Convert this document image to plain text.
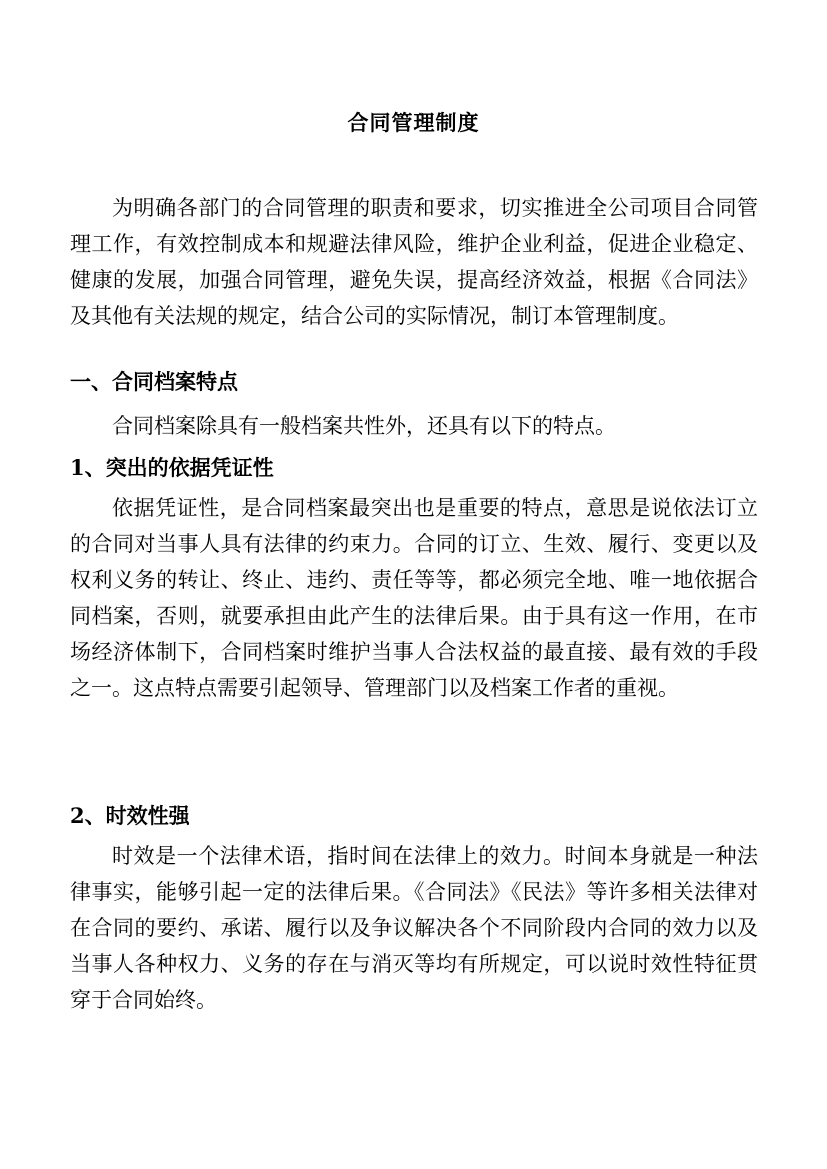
合同管理制度

为明确各部门的合同管理的职责和要求，切实推进全公司项目合同管理工作，有效控制成本和规避法律风险，维护企业利益，促进企业稳定、健康的发展，加强合同管理，避免失误，提高经济效益，根据《合同法》及其他有关法规的规定，结合公司的实际情况，制订本管理制度。

一、合同档案特点

合同档案除具有一般档案共性外，还具有以下的特点。

1、突出的依据凭证性

依据凭证性，是合同档案最突出也是重要的特点，意思是说依法订立的合同对当事人具有法律的约束力。合同的订立、生效、履行、变更以及权利义务的转让、终止、违约、责任等等，都必须完全地、唯一地依据合同档案，否则，就要承担由此产生的法律后果。由于具有这一作用，在市场经济体制下，合同档案时维护当事人合法权益的最直接、最有效的手段之一。这点特点需要引起领导、管理部门以及档案工作者的重视。

2、时效性强

时效是一个法律术语，指时间在法律上的效力。时间本身就是一种法律事实，能够引起一定的法律后果。《合同法》《民法》等许多相关法律对在合同的要约、承诺、履行以及争议解决各个不同阶段内合同的效力以及当事人各种权力、义务的存在与消灭等均有所规定，可以说时效性特征贯穿于合同始终。
